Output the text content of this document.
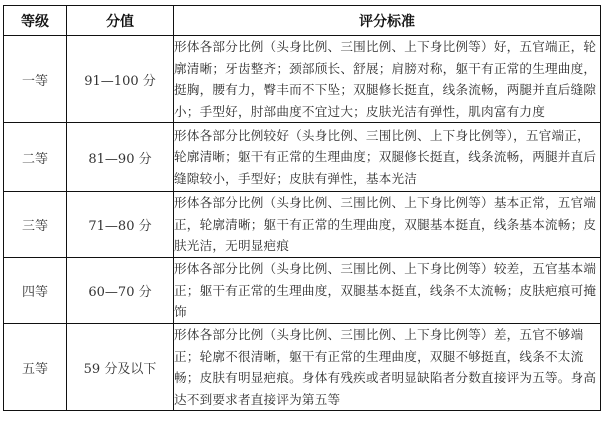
等级	分值	评分标准
一等	91—100 分	形体各部分比例（头身比例、三围比例、上下身比例等）好，五官端正，轮廓清晰；牙齿整齐；颈部颀长、舒展；肩膀对称，躯干有正常的生理曲度，挺胸，腰有力，臀丰而不下坠；双腿修长挺直，线条流畅，两腿并直后缝隙小；手型好，肘部曲度不宜过大；皮肤光洁有弹性，肌肉富有力度
二等	81—90 分	形体各部分比例较好（头身比例、三围比例、上下身比例等），五官端正，轮廓清晰；躯干有正常的生理曲度；双腿修长挺直，线条流畅，两腿并直后缝隙较小，手型好；皮肤有弹性，基本光洁
三等	71—80 分	形体各部分比例（头身比例、三围比例、上下身比例等）基本正常，五官端正，轮廓清晰；躯干有正常的生理曲度，双腿基本挺直，线条基本流畅；皮肤光洁，无明显疤痕
四等	60—70 分	形体各部分比例（头身比例、三围比例、上下身比例等）较差，五官基本端正；躯干有正常的生理曲度，双腿基本挺直，线条不太流畅；皮肤疤痕可掩饰
五等	59 分及以下	形体各部分比例（头身比例、三围比例、上下身比例等）差，五官不够端正；轮廓不很清晰，躯干有正常的生理曲度，双腿不够挺直，线条不太流畅；皮肤有明显疤痕。身体有残疾或者明显缺陷者分数直接评为五等。身高达不到要求者直接评为第五等
